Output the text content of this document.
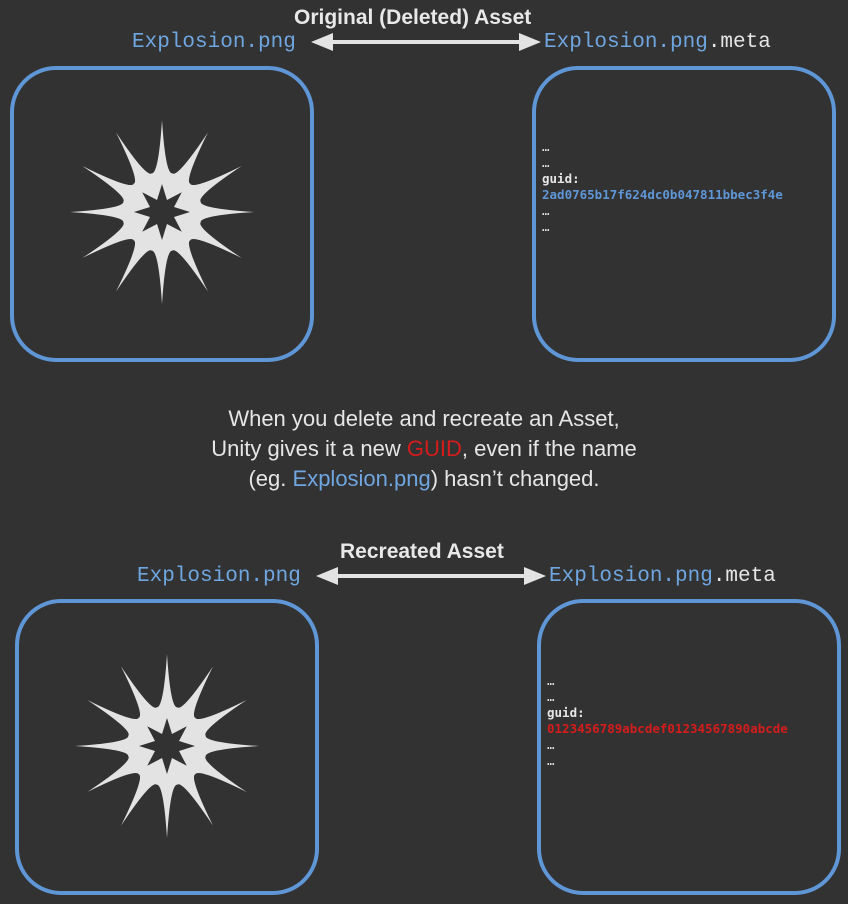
Original (Deleted) Asset
Explosion.png	Explosion.png.meta
…
…
guid:
2ad0765b17f624dc0b047811bbec3f4e
…
…
When you delete and recreate an Asset,
Unity gives it a new GUID, even if the name
(eg. Explosion.png) hasn’t changed.
Recreated Asset
Explosion.png	Explosion.png.meta
…
…
guid:
0123456789abcdef01234567890abcde
…
…
